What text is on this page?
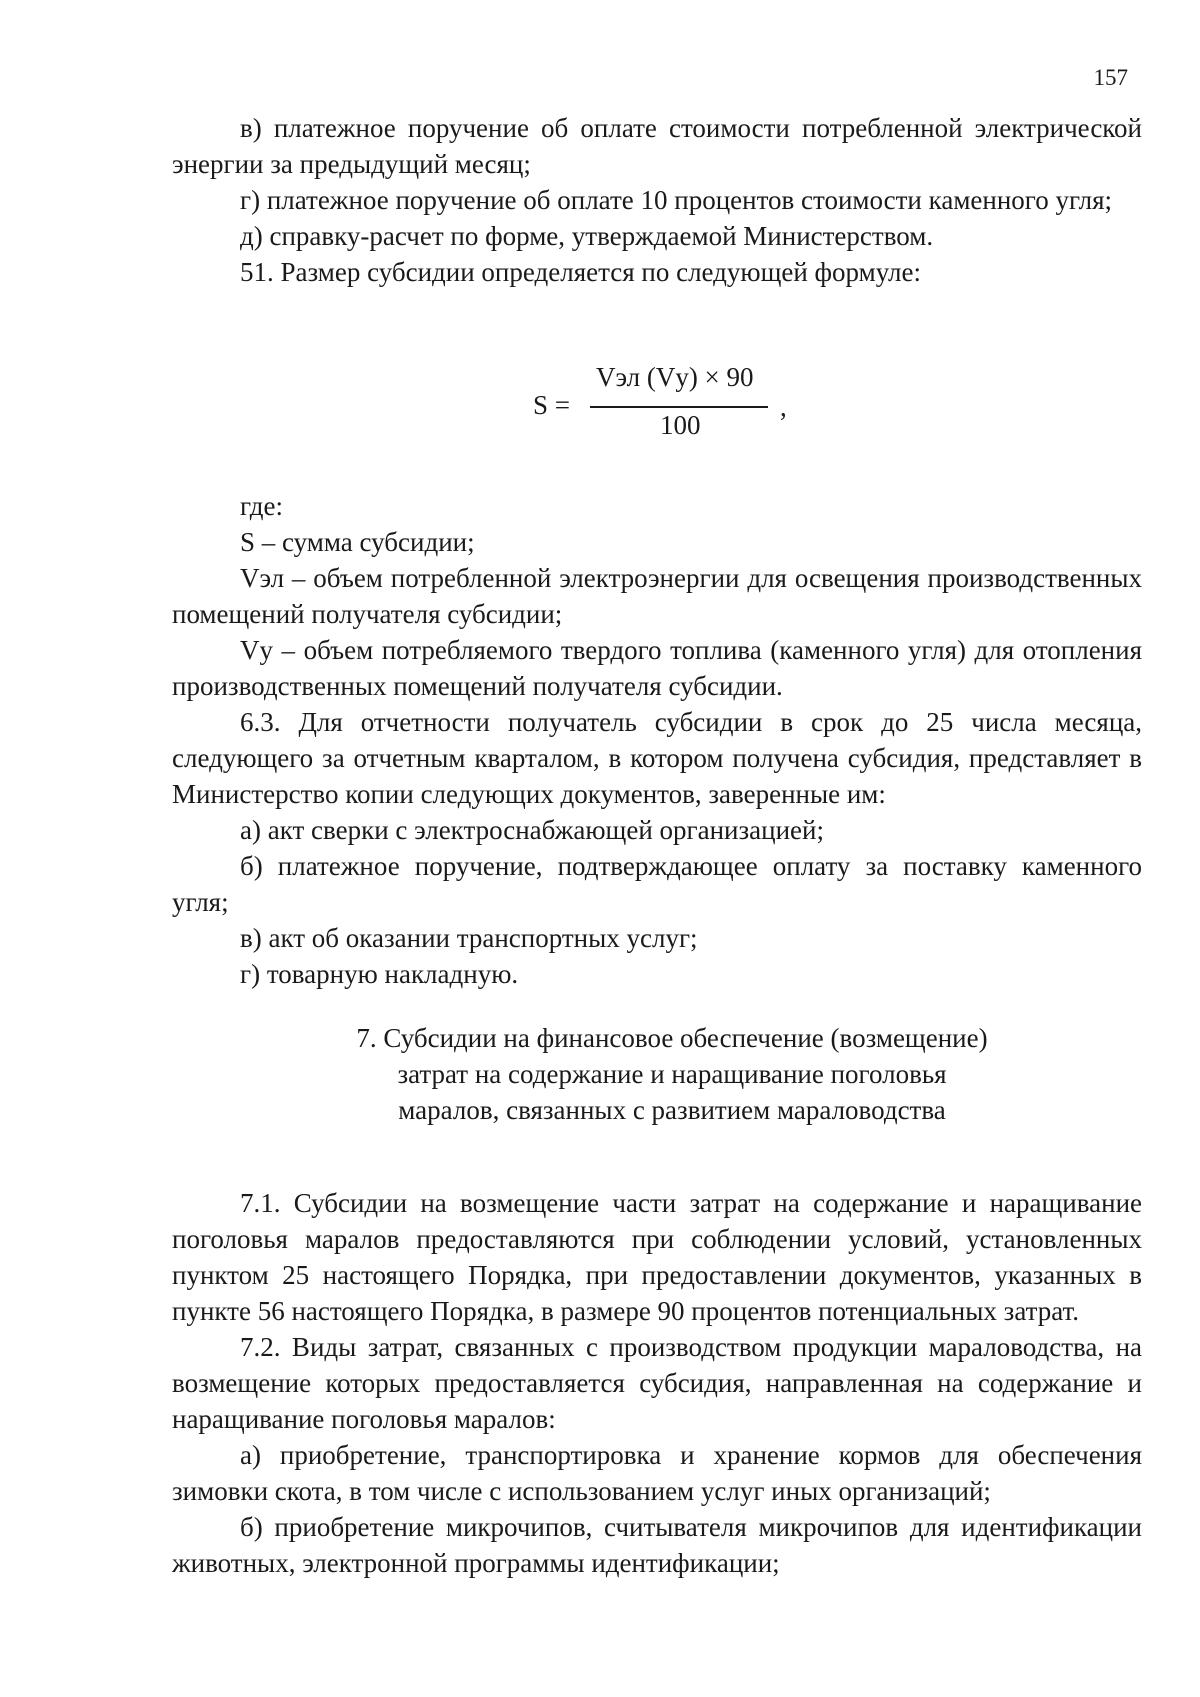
157

в) платежное поручение об оплате стоимости потребленной электрической энергии за предыдущий месяц;

г) платежное поручение об оплате 10 процентов стоимости каменного угля;

д) справку-расчет по форме, утверждаемой Министерством.

51. Размер субсидии определяется по следующей формуле:

S =
Vэл (Vу) × 90
100
,

где:

S – сумма субсидии;

Vэл – объем потребленной электроэнергии для освещения производственных помещений получателя субсидии;

Vу – объем потребляемого твердого топлива (каменного угля) для отопления производственных помещений получателя субсидии.

6.3. Для отчетности получатель субсидии в срок до 25 числа месяца, следующего за отчетным кварталом, в котором получена субсидия, представляет в Министерство копии следующих документов, заверенные им:

а) акт сверки с электроснабжающей организацией;

б) платежное поручение, подтверждающее оплату за поставку каменного угля;

в) акт об оказании транспортных услуг;

г) товарную накладную.

7. Субсидии на финансовое обеспечение (возмещение)
затрат на содержание и наращивание поголовья
маралов, связанных с развитием мараловодства

7.1. Субсидии на возмещение части затрат на содержание и наращивание поголовья маралов предоставляются при соблюдении условий, установленных пунктом 25 настоящего Порядка, при предоставлении документов, указанных в пункте 56 настоящего Порядка, в размере 90 процентов потенциальных затрат.

7.2. Виды затрат, связанных с производством продукции мараловодства, на возмещение которых предоставляется субсидия, направленная на содержание и наращивание поголовья маралов:

а) приобретение, транспортировка и хранение кормов для обеспечения зимовки скота, в том числе с использованием услуг иных организаций;

б) приобретение микрочипов, считывателя микрочипов для идентификации животных, электронной программы идентификации;
